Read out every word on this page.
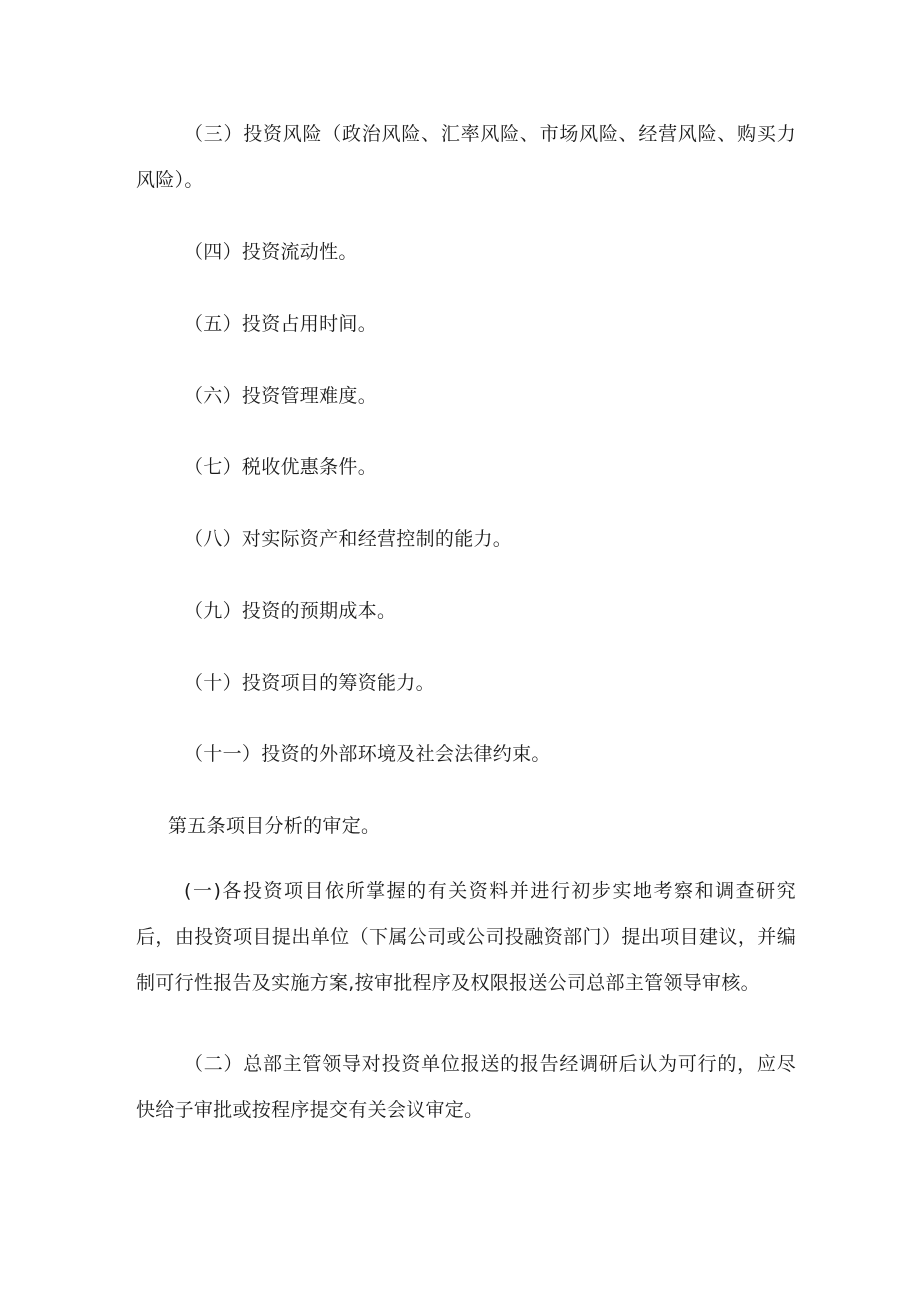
（三）投资风险（政治风险、汇率风险、市场风险、经营风险、购买力风险）。

（四）投资流动性。

（五）投资占用时间。

（六）投资管理难度。

（七）税收优惠条件。

（八）对实际资产和经营控制的能力。

（九）投资的预期成本。

（十）投资项目的筹资能力。

（十一）投资的外部环境及社会法律约束。

第五条项目分析的审定。

(一)各投资项目依所掌握的有关资料并进行初步实地考察和调查研究后，由投资项目提出单位（下属公司或公司投融资部门）提出项目建议，并编制可行性报告及实施方案,按审批程序及权限报送公司总部主管领导审核。

（二）总部主管领导对投资单位报送的报告经调研后认为可行的，应尽快给子审批或按程序提交有关会议审定。
